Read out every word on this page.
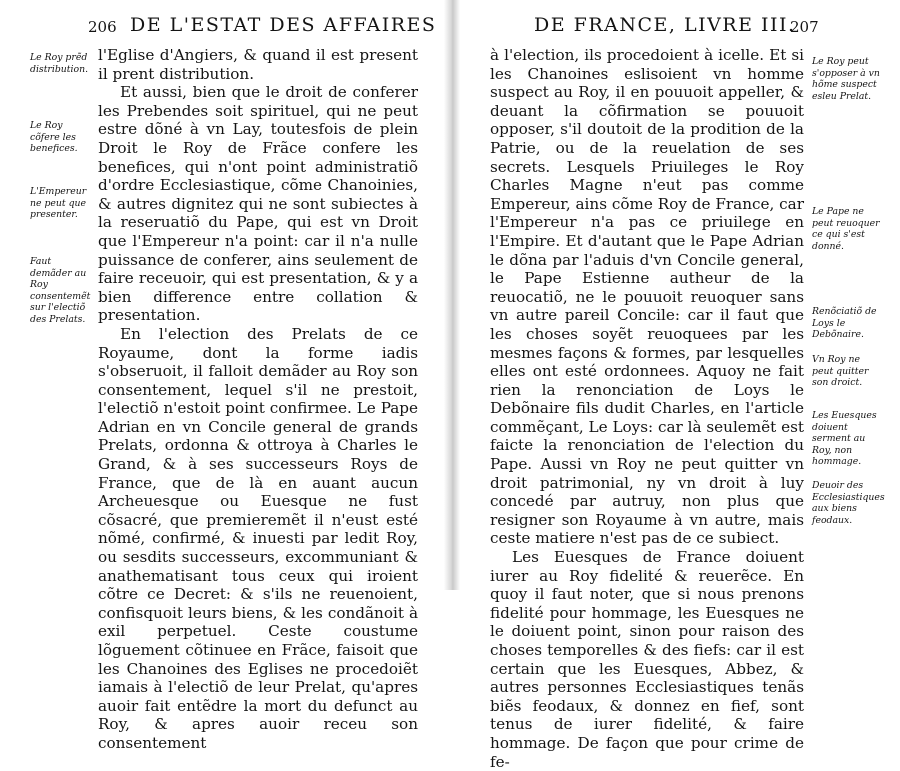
DE L'ESTAT DES AFFAIRES
206

l'Eglise d'Angiers, & quand il est present il prent distribution.

Et aussi, bien que le droit de conferer les Prebendes soit spirituel, qui ne peut estre dõné à vn Lay, toutesfois de plein Droit le Roy de Frãce confere les benefices, qui n'ont point administratiõ d'ordre Ecclesiastique, cõme Chanoinies, & autres dignitez qui ne sont subiectes à la reseruatiõ du Pape, qui est vn Droit que l'Empereur n'a point: car il n'a nulle puissance de conferer, ains seulement de faire receuoir, qui est presentation, & y a bien difference entre collation & presentation.

En l'election des Prelats de ce Royaume, dont la forme iadis s'obseruoit, il falloit demãder au Roy son consentement, lequel s'il ne prestoit, l'electiõ n'estoit point confirmee. Le Pape Adrian en vn Concile general de grands Prelats, ordonna & ottroya à Charles le Grand, & à ses successeurs Roys de France, que de là en auant aucun Archeuesque ou Euesque ne fust cõsacré, que premieremẽt il n'eust esté nõmé, confirmé, & inuesti par ledit Roy, ou sesdits successeurs, excommuniant & anathematisant tous ceux qui iroient cõtre ce Decret: & s'ils ne reuenoient, confisquoit leurs biens, & les condãnoit à exil perpetuel. Ceste coustume lõguement cõtinuee en Frãce, faisoit que les Chanoines des Eglises ne procedoiẽt iamais à l'electiõ de leur Prelat, qu'apres auoir fait entẽdre la mort du defunct au Roy, & apres auoir receu son consentement

Le Roy prẽd distribution.
Le Roy cõfere les benefices.
L'Empereur ne peut que presenter.
Faut demãder au Roy consentemẽt sur l'electiõ des Prelats.
DE FRANCE, LIVRE III.
207

à l'election, ils procedoient à icelle. Et si les Chanoines eslisoient vn homme suspect au Roy, il en pouuoit appeller, & deuant la cõfirmation se pouuoit opposer, s'il doutoit de la prodition de la Patrie, ou de la reuelation de ses secrets. Lesquels Priuileges le Roy Charles Magne n'eut pas comme Empereur, ains cõme Roy de France, car l'Empereur n'a pas ce priuilege en l'Empire. Et d'autant que le Pape Adrian le dõna par l'aduis d'vn Concile general, le Pape Estienne autheur de la reuocatiõ, ne le pouuoit reuoquer sans vn autre pareil Concile: car il faut que les choses soyẽt reuoquees par les mesmes façons & formes, par lesquelles elles ont esté ordonnees. Aquoy ne fait rien la renonciation de Loys le Debõnaire fils dudit Charles, en l'article commẽçant, Le Loys: car là seulemẽt est faicte la renonciation de l'election du Pape. Aussi vn Roy ne peut quitter vn droit patrimonial, ny vn droit à luy concedé par autruy, non plus que resigner son Royaume à vn autre, mais ceste matiere n'est pas de ce subiect.

Les Euesques de France doiuent iurer au Roy fidelité & reuerẽce. En quoy il faut noter, que si nous prenons fidelité pour hommage, les Euesques ne le doiuent point, sinon pour raison des choses temporelles & des fiefs: car il est certain que les Euesques, Abbez, & autres personnes Ecclesiastiques tenãs biẽs feodaux, & donnez en fief, sont tenus de iurer fidelité, & faire hommage. De façon que pour crime de fe-

Le Roy peut s'opposer à vn hõme suspect esleu Prelat.
Le Pape ne peut reuoquer ce qui s'est donné.
Renõciatiõ de Loys le Debõnaire.
Vn Roy ne peut quitter son droict.
Les Euesques doiuent serment au Roy, non hommage.
Deuoir des Ecclesiastiques aux biens feodaux.
